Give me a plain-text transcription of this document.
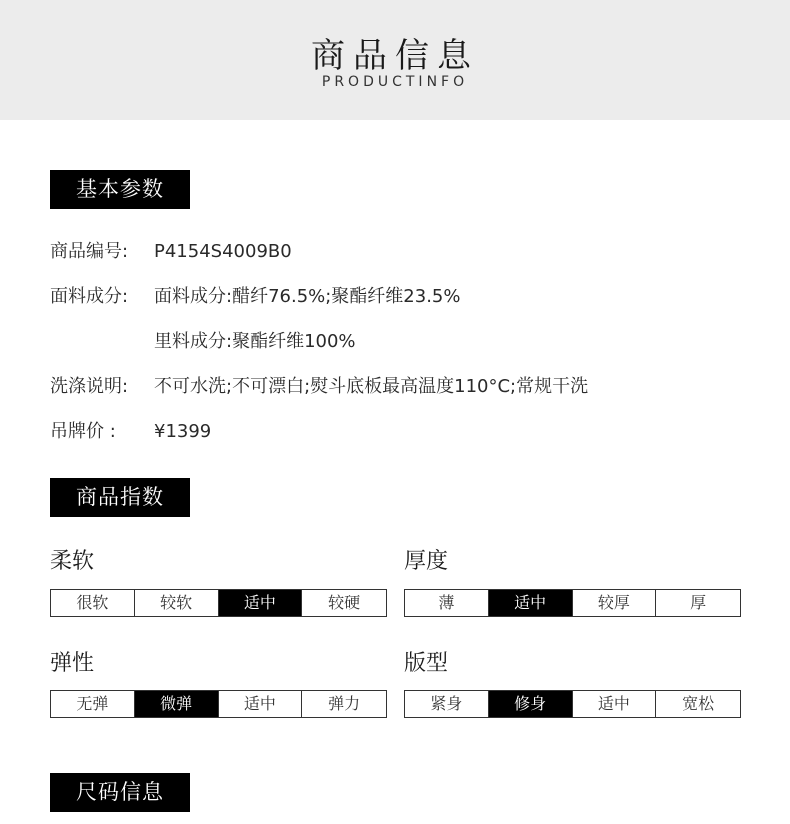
商品信息
PRODUCTINFO
基本参数
商品编号: P4154S4009B0
面料成分: 面料成分:醋纤76.5%;聚酯纤维23.5%
里料成分:聚酯纤维100%
洗涤说明: 不可水洗;不可漂白;熨斗底板最高温度110°C;常规干洗
吊牌价 : ¥1399
商品指数
柔软
很软	较软	适中	较硬
厚度
薄	适中	较厚	厚
弹性
无弹	微弹	适中	弹力
版型
紧身	修身	适中	宽松
尺码信息
